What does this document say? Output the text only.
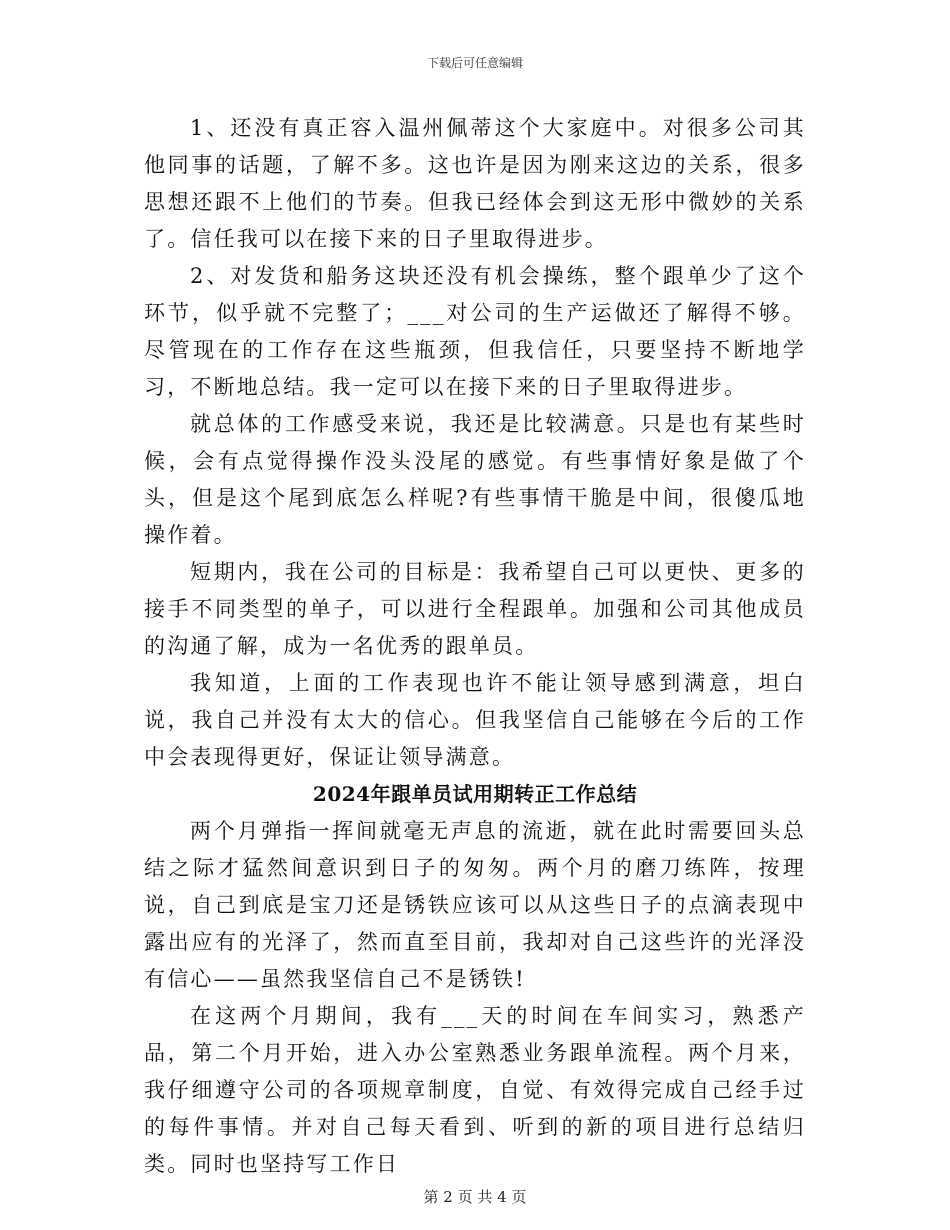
下载后可任意编辑

1、还没有真正容入温州佩蒂这个大家庭中。对很多公司其他同事的话题，了解不多。这也许是因为刚来这边的关系，很多思想还跟不上他们的节奏。但我已经体会到这无形中微妙的关系了。信任我可以在接下来的日子里取得进步。

2、对发货和船务这块还没有机会操练，整个跟单少了这个环节，似乎就不完整了；___对公司的生产运做还了解得不够。尽管现在的工作存在这些瓶颈，但我信任，只要坚持不断地学习，不断地总结。我一定可以在接下来的日子里取得进步。

就总体的工作感受来说，我还是比较满意。只是也有某些时候，会有点觉得操作没头没尾的感觉。有些事情好象是做了个头，但是这个尾到底怎么样呢?有些事情干脆是中间，很傻瓜地操作着。

短期内，我在公司的目标是：我希望自己可以更快、更多的接手不同类型的单子，可以进行全程跟单。加强和公司其他成员的沟通了解，成为一名优秀的跟单员。

我知道，上面的工作表现也许不能让领导感到满意，坦白说，我自己并没有太大的信心。但我坚信自己能够在今后的工作中会表现得更好，保证让领导满意。

2024年跟单员试用期转正工作总结

两个月弹指一挥间就毫无声息的流逝，就在此时需要回头总结之际才猛然间意识到日子的匆匆。两个月的磨刀练阵，按理说，自己到底是宝刀还是锈铁应该可以从这些日子的点滴表现中露出应有的光泽了，然而直至目前，我却对自己这些许的光泽没有信心——虽然我坚信自己不是锈铁!

在这两个月期间，我有___天的时间在车间实习，熟悉产品，第二个月开始，进入办公室熟悉业务跟单流程。两个月来，我仔细遵守公司的各项规章制度，自觉、有效得完成自己经手过的每件事情。并对自己每天看到、听到的新的项目进行总结归类。同时也坚持写工作日

第 2 页 共 4 页
